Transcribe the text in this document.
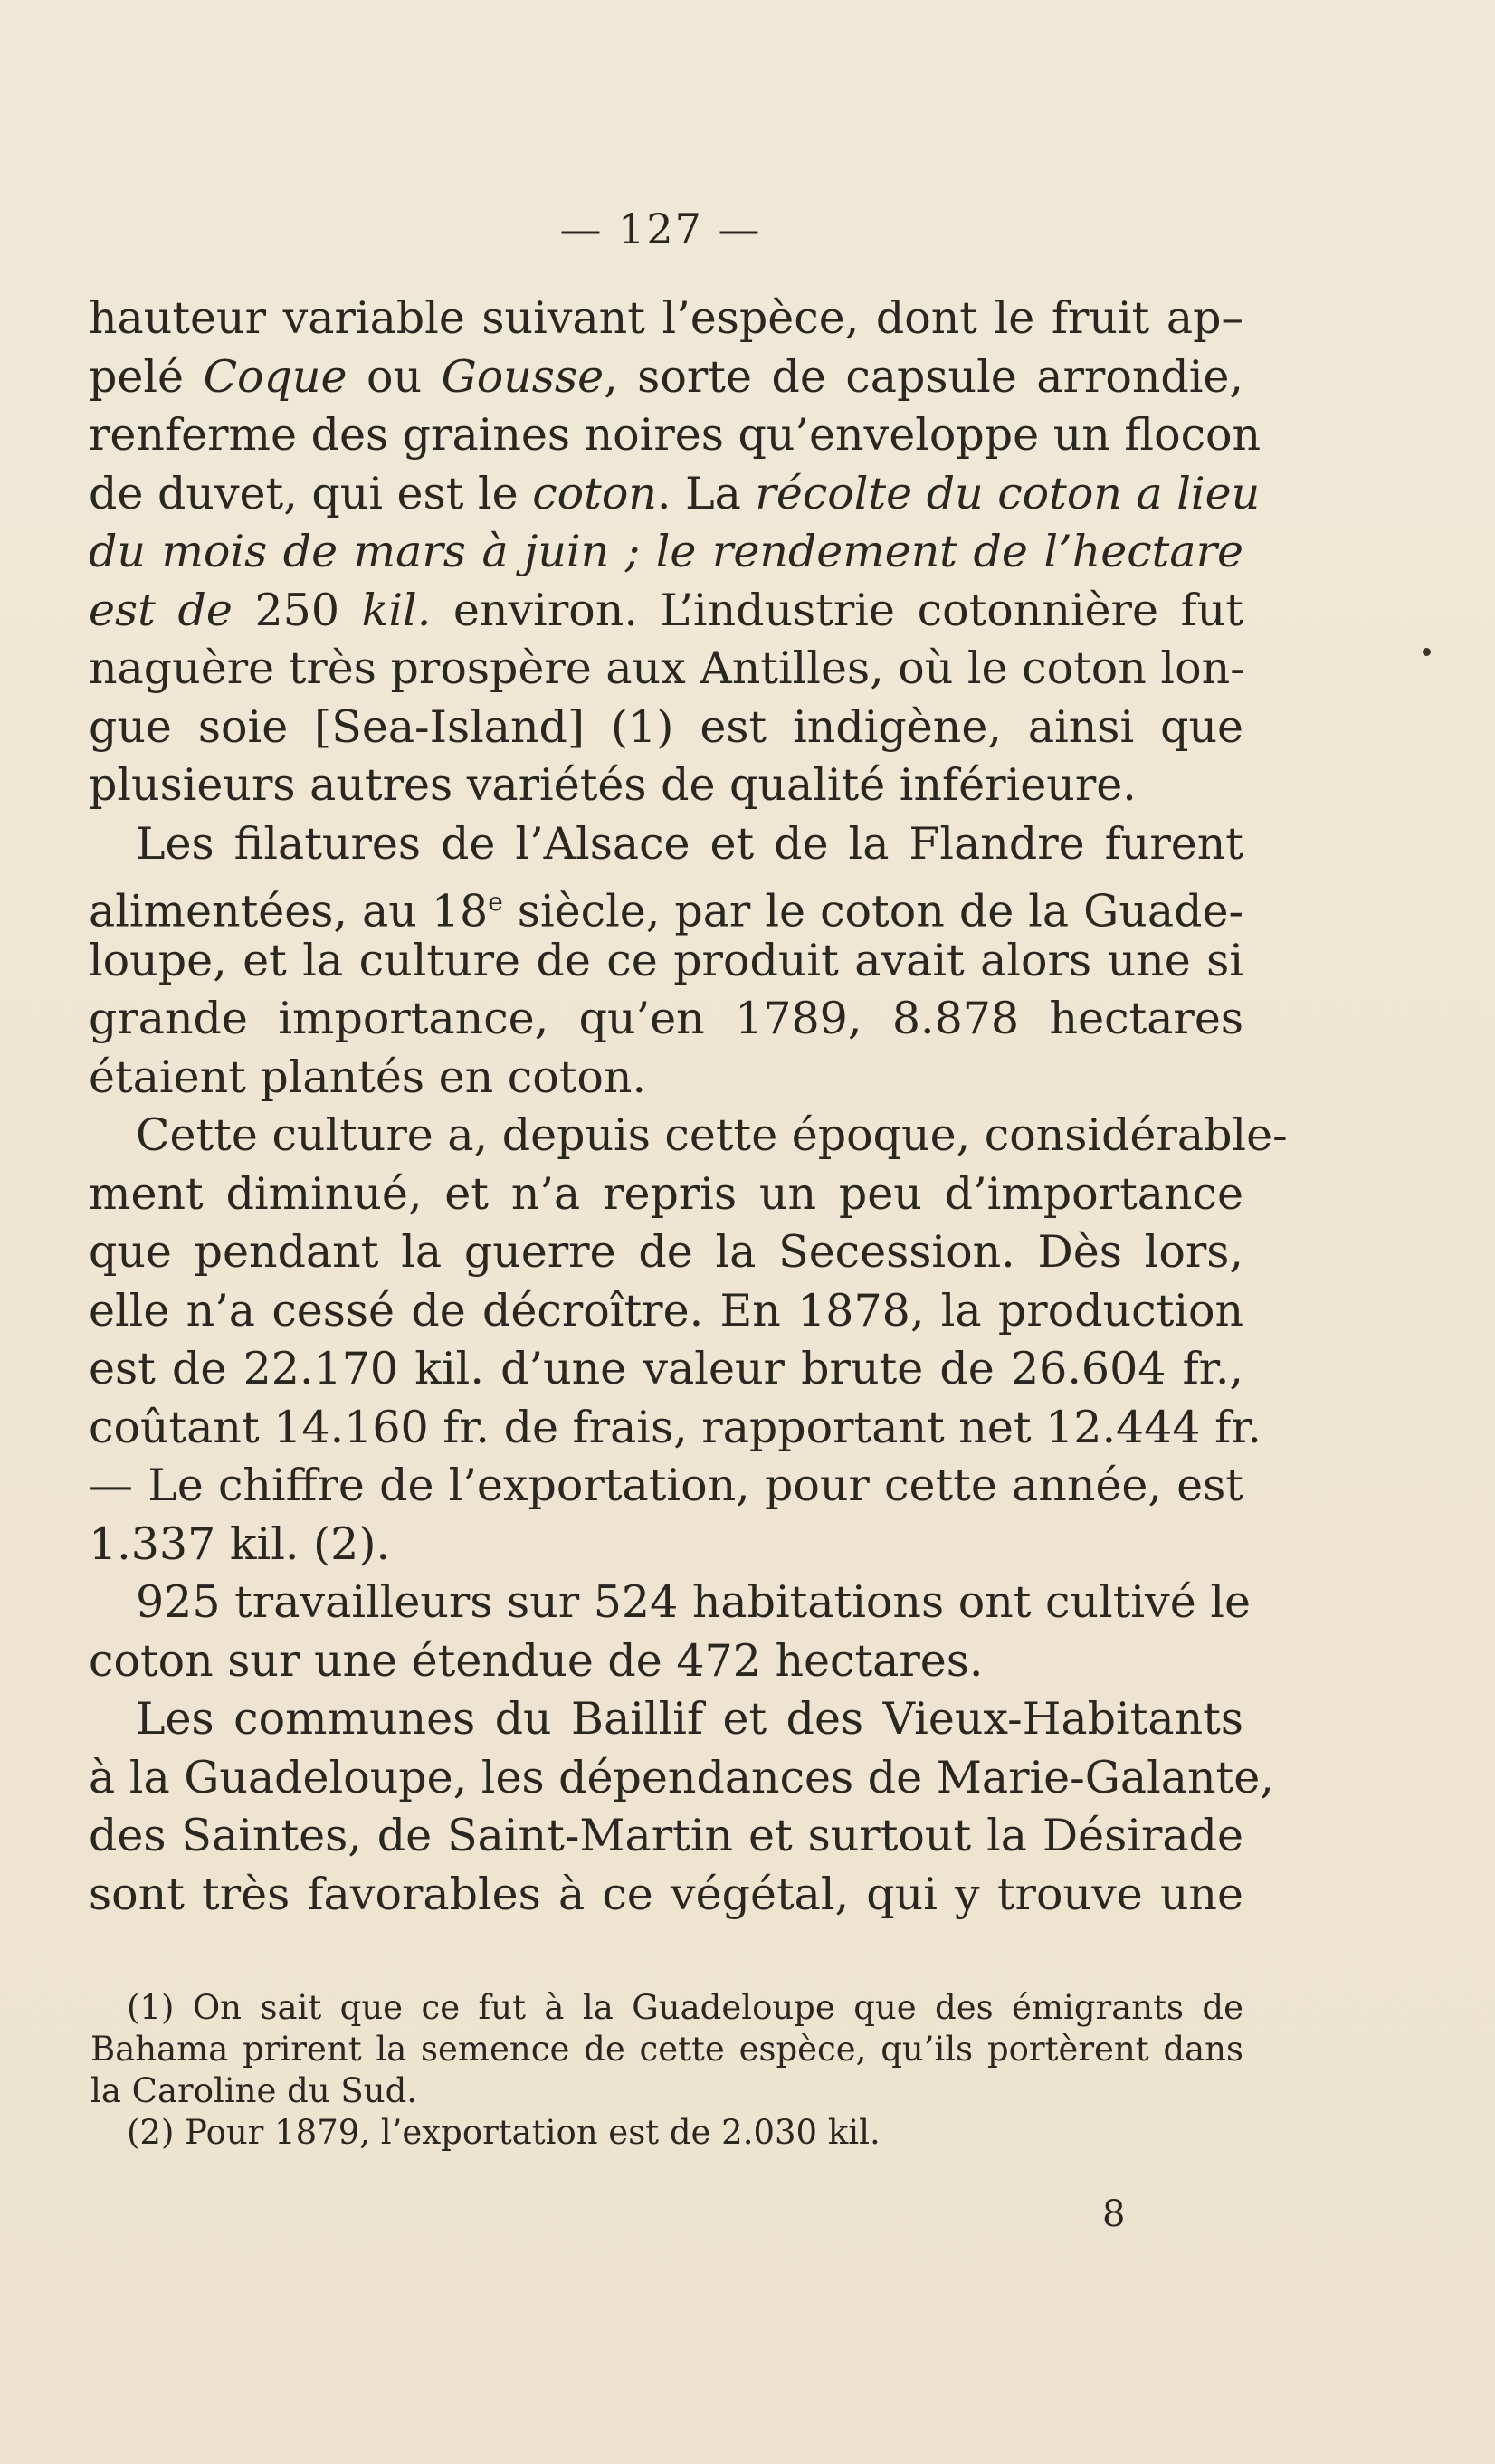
— 127 —
hauteur variable suivant l’espèce, dont le fruit ap–
pelé Coque ou Gousse, sorte de capsule arrondie,
renferme des graines noires qu’enveloppe un flocon
de duvet, qui est le coton. La récolte du coton a lieu
du mois de mars à juin ; le rendement de l’hectare
est de 250 kil. environ. L’industrie cotonnière fut
naguère très prospère aux Antilles, où le coton lon-
gue soie [Sea-Island] (1) est indigène, ainsi que
plusieurs autres variétés de qualité inférieure.
Les filatures de l’Alsace et de la Flandre furent
alimentées, au 18e siècle, par le coton de la Guade-
loupe, et la culture de ce produit avait alors une si
grande importance, qu’en 1789, 8.878 hectares
étaient plantés en coton.
Cette culture a, depuis cette époque, considérable-
ment diminué, et n’a repris un peu d’importance
que pendant la guerre de la Secession. Dès lors,
elle n’a cessé de décroître. En 1878, la production
est de 22.170 kil. d’une valeur brute de 26.604 fr.,
coûtant 14.160 fr. de frais, rapportant net 12.444 fr.
— Le chiffre de l’exportation, pour cette année, est
1.337 kil. (2).
925 travailleurs sur 524 habitations ont cultivé le
coton sur une étendue de 472 hectares.
Les communes du Baillif et des Vieux-Habitants
à la Guadeloupe, les dépendances de Marie-Galante,
des Saintes, de Saint-Martin et surtout la Désirade
sont très favorables à ce végétal, qui y trouve une
(1) On sait que ce fut à la Guadeloupe que des émigrants de
Bahama prirent la semence de cette espèce, qu’ils portèrent dans
la Caroline du Sud.
(2) Pour 1879, l’exportation est de 2.030 kil.
8
